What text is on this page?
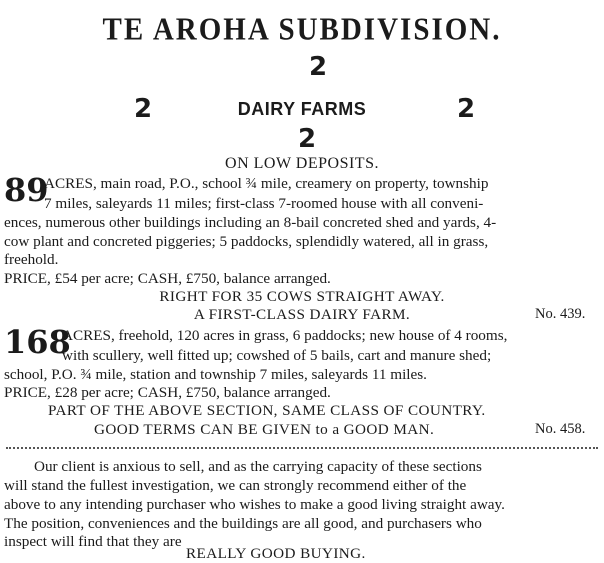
TE AROHA SUBDIVISION.
2
2	DAIRY FARMS	2
2
ON LOW DEPOSITS.
89
ACRES, main road, P.O., school ¾ mile, creamery on property, township
7 miles, saleyards 11 miles; first-class 7-roomed house with all conveni-
ences, numerous other buildings including an 8-bail concreted shed and yards, 4-
cow plant and concreted piggeries; 5 paddocks, splendidly watered, all in grass,
freehold.
PRICE, £54 per acre; CASH, £750, balance arranged.
RIGHT FOR 35 COWS STRAIGHT AWAY.
A FIRST-CLASS DAIRY FARM.	No. 439.
168
ACRES, freehold, 120 acres in grass, 6 paddocks; new house of 4 rooms,
with scullery, well fitted up; cowshed of 5 bails, cart and manure shed;
school, P.O. ¾ mile, station and township 7 miles, saleyards 11 miles.
PRICE, £28 per acre; CASH, £750, balance arranged.
PART OF THE ABOVE SECTION, SAME CLASS OF COUNTRY.
GOOD TERMS CAN BE GIVEN to a GOOD MAN.	No. 458.
Our client is anxious to sell, and as the carrying capacity of these sections
will stand the fullest investigation, we can strongly recommend either of the
above to any intending purchaser who wishes to make a good living straight away.
The position, conveniences and the buildings are all good, and purchasers who
inspect will find that they are
REALLY GOOD BUYING.
